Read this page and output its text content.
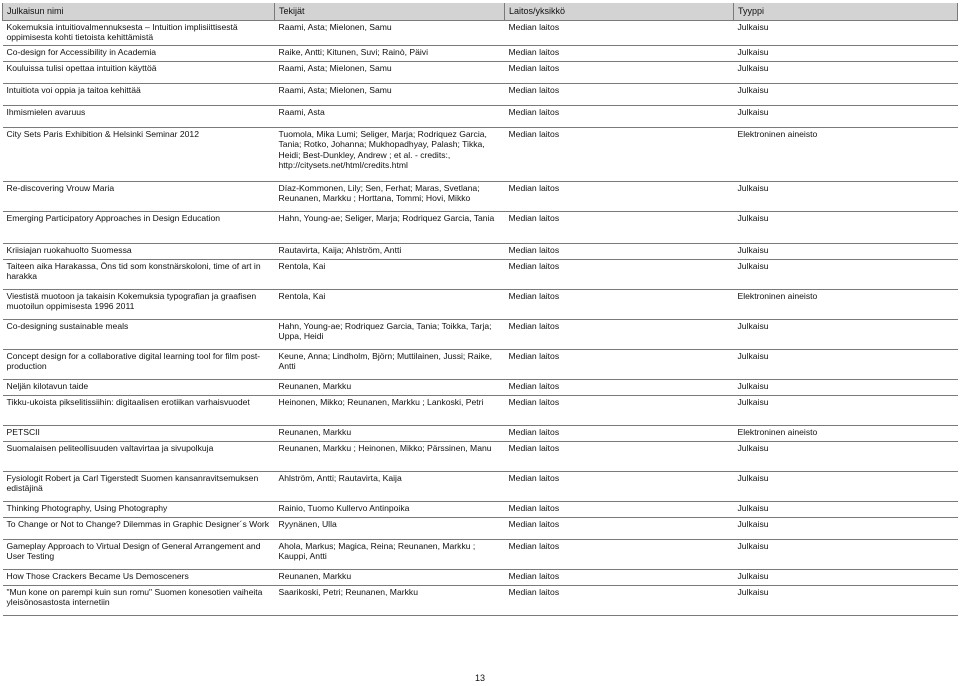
Julkaisun nimi	Tekijät	Laitos/yksikkö	Tyyppi
Kokemuksia intuitiovalmennuksesta – Intuition implisiittisestä oppimisesta kohti tietoista kehittämistä	Raami, Asta; Mielonen, Samu	Median laitos	Julkaisu
Co-design for Accessibility in Academia	Raike, Antti; Kitunen, Suvi; Rainò, Päivi	Median laitos	Julkaisu
Kouluissa tulisi opettaa intuition käyttöä	Raami, Asta; Mielonen, Samu	Median laitos	Julkaisu
Intuitiota voi oppia ja taitoa kehittää	Raami, Asta; Mielonen, Samu	Median laitos	Julkaisu
Ihmismielen avaruus	Raami, Asta	Median laitos	Julkaisu
City Sets Paris Exhibition & Helsinki Seminar 2012	Tuomola, Mika Lumi; Seliger, Marja; Rodriquez Garcia, Tania; Rotko, Johanna; Mukhopadhyay, Palash; Tikka, Heidi; Best-Dunkley, Andrew ; et al. - credits:, http://citysets.net/html/credits.html	Median laitos	Elektroninen aineisto
Re-discovering Vrouw Maria	Díaz-Kommonen, Lily; Sen, Ferhat; Maras, Svetlana; Reunanen, Markku ; Horttana, Tommi; Hovi, Mikko	Median laitos	Julkaisu
Emerging Participatory Approaches in Design Education	Hahn, Young-ae; Seliger, Marja; Rodriquez Garcia, Tania	Median laitos	Julkaisu
Kriisiajan ruokahuolto Suomessa	Rautavirta, Kaija; Ahlström, Antti	Median laitos	Julkaisu
Taiteen aika Harakassa, Öns tid som konstnärskoloni, time of art in harakka	Rentola, Kai	Median laitos	Julkaisu
Viestistä muotoon ja takaisin Kokemuksia typografian ja graafisen muotoilun oppimisesta 1996 2011	Rentola, Kai	Median laitos	Elektroninen aineisto
Co-designing sustainable meals	Hahn, Young-ae; Rodriquez Garcia, Tania; Toikka, Tarja; Uppa, Heidi	Median laitos	Julkaisu
Concept design for a collaborative digital learning tool for film post-production	Keune, Anna; Lindholm, Björn; Muttilainen, Jussi; Raike, Antti	Median laitos	Julkaisu
Neljän kilotavun taide	Reunanen, Markku	Median laitos	Julkaisu
Tikku-ukoista pikselitissiihin: digitaalisen erotiikan varhaisvuodet	Heinonen, Mikko; Reunanen, Markku ; Lankoski, Petri	Median laitos	Julkaisu
PETSCII	Reunanen, Markku	Median laitos	Elektroninen aineisto
Suomalaisen peliteollisuuden valtavirtaa ja sivupolkuja	Reunanen, Markku ; Heinonen, Mikko; Pärssinen, Manu	Median laitos	Julkaisu
Fysiologit Robert ja Carl Tigerstedt Suomen kansanravitsemuksen edistäjinä	Ahlström, Antti; Rautavirta, Kaija	Median laitos	Julkaisu
Thinking Photography, Using Photography	Rainio, Tuomo Kullervo Antinpoika	Median laitos	Julkaisu
To Change or Not to Change? Dilemmas in Graphic Designer´s Work	Ryynänen, Ulla	Median laitos	Julkaisu
Gameplay Approach to Virtual Design of General Arrangement and User Testing	Ahola, Markus; Magica, Reina; Reunanen, Markku ; Kauppi, Antti	Median laitos	Julkaisu
How Those Crackers Became Us Demosceners	Reunanen, Markku	Median laitos	Julkaisu
"Mun kone on parempi kuin sun romu" Suomen konesotien vaiheita yleisönosastosta internetiin	Saarikoski, Petri; Reunanen, Markku	Median laitos	Julkaisu
13
